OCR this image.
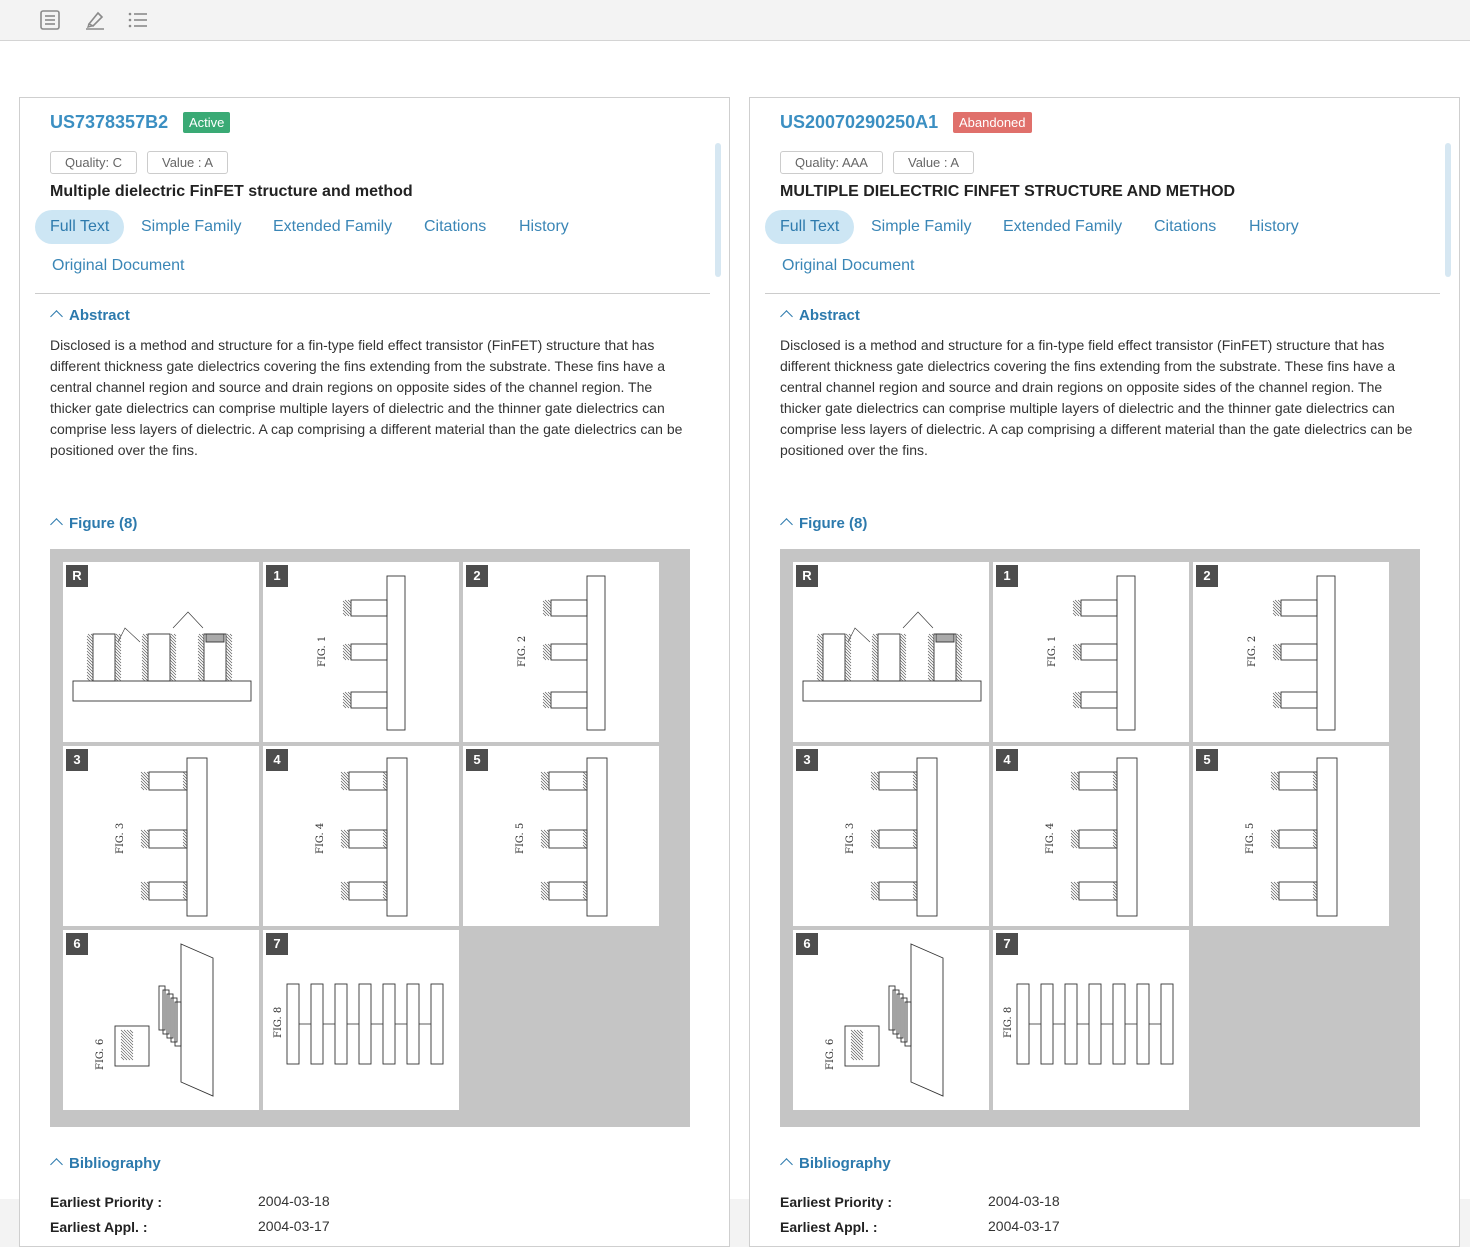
US7378357B2	Active
Quality: C	Value : A
Multiple dielectric FinFET structure and method
Full Text	Simple Family Extended Family Citations History
Original Document
Abstract
Disclosed is a method and structure for a fin-type field effect transistor (FinFET) structure that has different thickness gate dielectrics covering the fins extending from the substrate. These fins have a central channel region and source and drain regions on opposite sides of the channel region. The thicker gate dielectrics can comprise multiple layers of dielectric and the thinner gate dielectrics can comprise less layers of dielectric. A cap comprising a different material than the gate dielectrics can be positioned over the fins.
Figure (8)
R
FIG. 1
1
FIG. 2
2
FIG. 3
3
FIG. 4
4
FIG. 5
5
FIG. 6
6
FIG. 8
7
Bibliography
Earliest Priority :	2004-03-18
Earliest Appl. :	2004-03-17
US20070290250A1	Abandoned
Quality: AAA	Value : A
MULTIPLE DIELECTRIC FINFET STRUCTURE AND METHOD
Full Text	Simple Family Extended Family Citations History
Original Document
Abstract
Disclosed is a method and structure for a fin-type field effect transistor (FinFET) structure that has different thickness gate dielectrics covering the fins extending from the substrate. These fins have a central channel region and source and drain regions on opposite sides of the channel region. The thicker gate dielectrics can comprise multiple layers of dielectric and the thinner gate dielectrics can comprise less layers of dielectric. A cap comprising a different material than the gate dielectrics can be positioned over the fins.
Figure (8)
R
FIG. 1
1
FIG. 2
2
FIG. 3
3
FIG. 4
4
FIG. 5
5
FIG. 6
6
FIG. 8
7
Bibliography
Earliest Priority :	2004-03-18
Earliest Appl. :	2004-03-17
